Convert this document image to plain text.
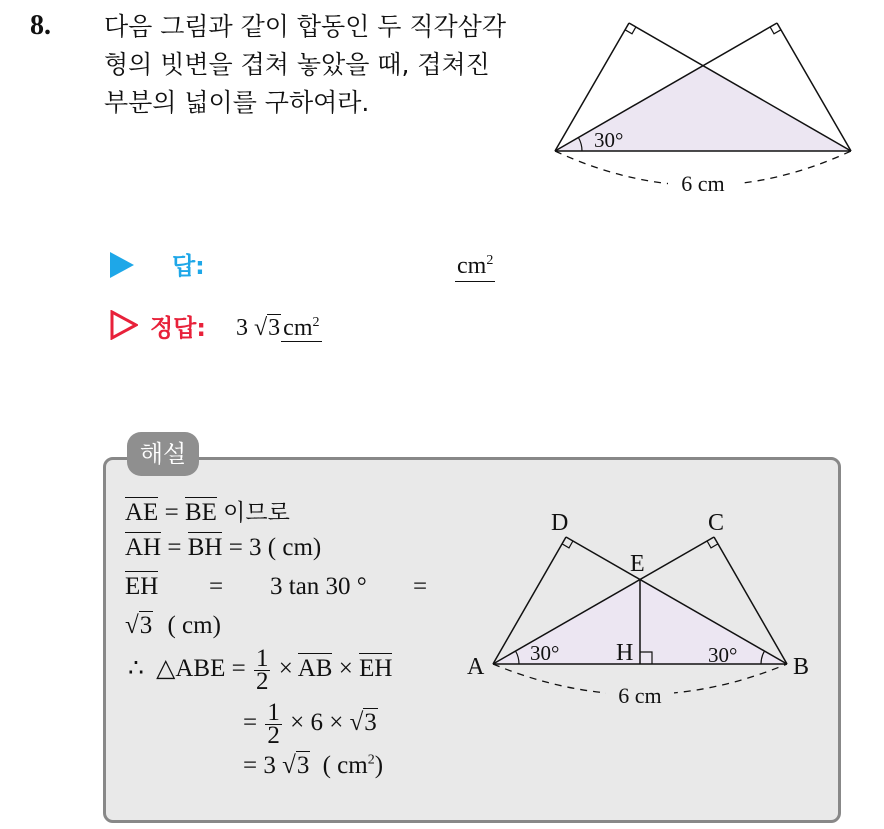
8. 다음 그림과 같이 합동인 두 직각삼각
형의 빗변을 겹쳐 놓았을 때, 겹쳐진
부분의 넓이를 구하여라.
30°
6 cm
답:	$cm^2$
정답: 3 √3 $cm^2$
해설
AE = BE 이므로
AH = BH = 3 ( cm)
EH = 3 tan 30 ° =
√3 ( cm)
∴ △ABE = $\frac{1}{2}$ × AB × EH
= $\frac{1}{2} \times 6 \times √3$
= 3 √3 ( $cm^2$)
A	B
C
D
E
H
30°	30°
6 cm
